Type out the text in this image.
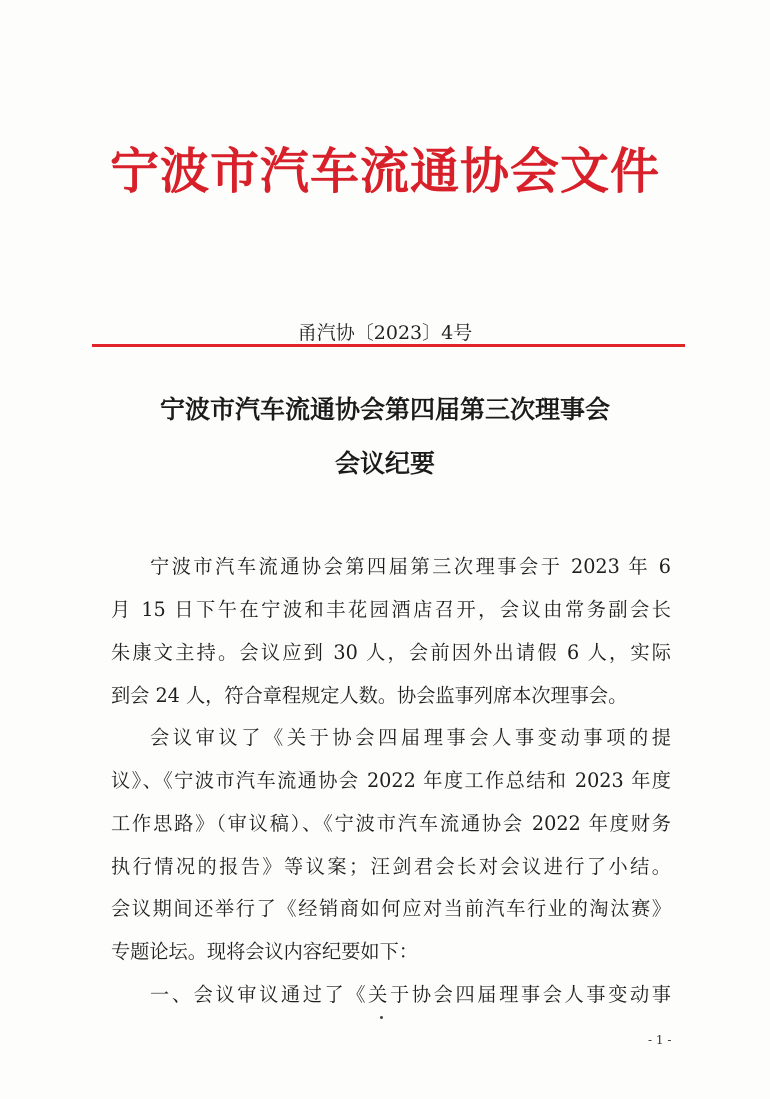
宁波市汽车流通协会文件
甬汽协〔2023〕4号
宁波市汽车流通协会第四届第三次理事会
会议纪要
宁波市汽车流通协会第四届第三次理事会于 2023 年 6
月 15 日下午在宁波和丰花园酒店召开，会议由常务副会长
朱康文主持。会议应到 30 人，会前因外出请假 6 人，实际
到会 24 人，符合章程规定人数。协会监事列席本次理事会。
会议审议了《关于协会四届理事会人事变动事项的提
议》、《宁波市汽车流通协会 2022 年度工作总结和 2023 年度
工作思路》（审议稿）、《宁波市汽车流通协会 2022 年度财务
执行情况的报告》等议案；汪剑君会长对会议进行了小结。
会议期间还举行了《经销商如何应对当前汽车行业的淘汰赛》
专题论坛。现将会议内容纪要如下：
一、会议审议通过了《关于协会四届理事会人事变动事
- 1 -
